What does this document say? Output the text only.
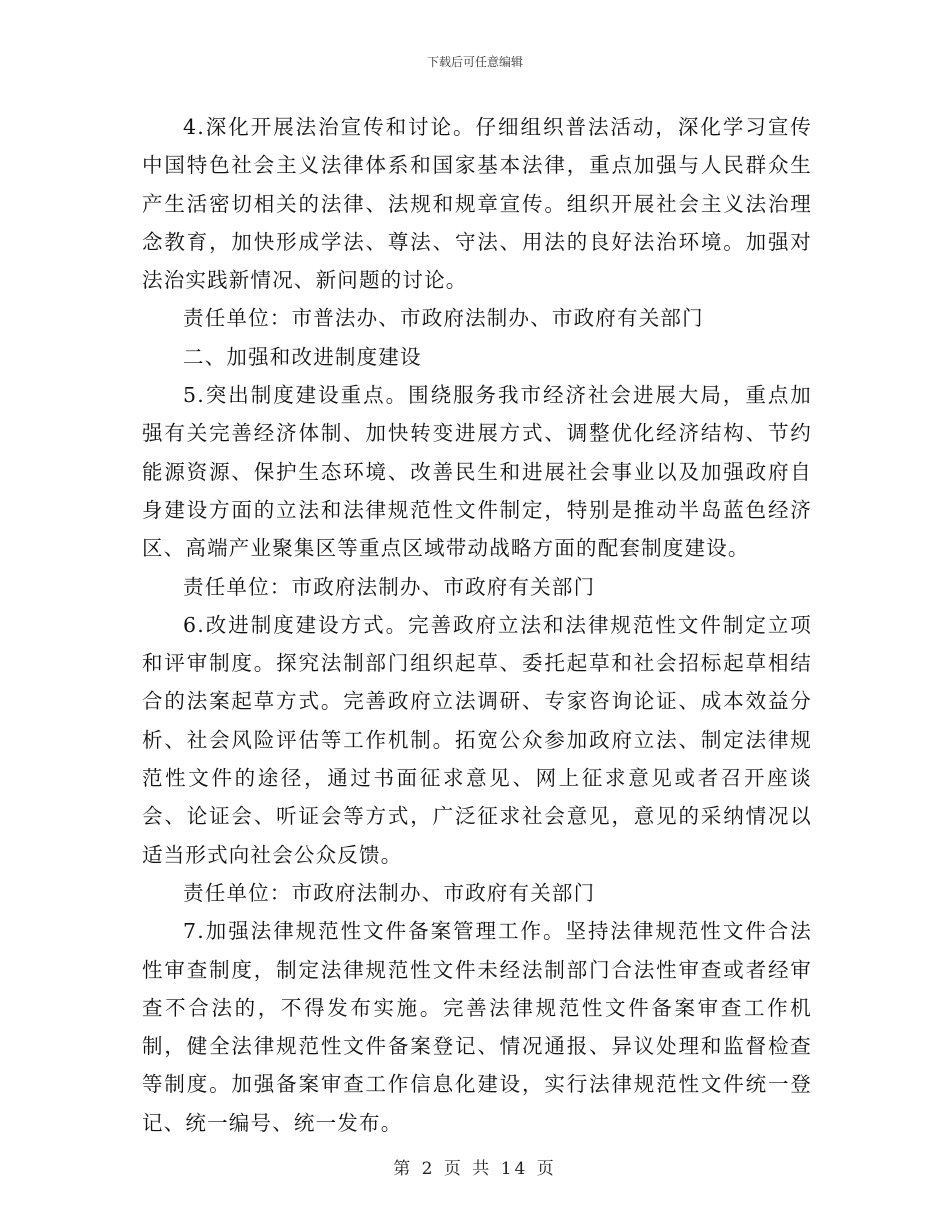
下载后可任意编辑

4.深化开展法治宣传和讨论。仔细组织普法活动，深化学习宣传中国特色社会主义法律体系和国家基本法律，重点加强与人民群众生产生活密切相关的法律、法规和规章宣传。组织开展社会主义法治理念教育，加快形成学法、尊法、守法、用法的良好法治环境。加强对法治实践新情况、新问题的讨论。

责任单位：市普法办、市政府法制办、市政府有关部门

二、加强和改进制度建设

5.突出制度建设重点。围绕服务我市经济社会进展大局，重点加强有关完善经济体制、加快转变进展方式、调整优化经济结构、节约能源资源、保护生态环境、改善民生和进展社会事业以及加强政府自身建设方面的立法和法律规范性文件制定，特别是推动半岛蓝色经济区、高端产业聚集区等重点区域带动战略方面的配套制度建设。

责任单位：市政府法制办、市政府有关部门

6.改进制度建设方式。完善政府立法和法律规范性文件制定立项和评审制度。探究法制部门组织起草、委托起草和社会招标起草相结合的法案起草方式。完善政府立法调研、专家咨询论证、成本效益分析、社会风险评估等工作机制。拓宽公众参加政府立法、制定法律规范性文件的途径，通过书面征求意见、网上征求意见或者召开座谈会、论证会、听证会等方式，广泛征求社会意见，意见的采纳情况以适当形式向社会公众反馈。

责任单位：市政府法制办、市政府有关部门

7.加强法律规范性文件备案管理工作。坚持法律规范性文件合法性审查制度，制定法律规范性文件未经法制部门合法性审查或者经审查不合法的，不得发布实施。完善法律规范性文件备案审查工作机制，健全法律规范性文件备案登记、情况通报、异议处理和监督检查等制度。加强备案审查工作信息化建设，实行法律规范性文件统一登记、统一编号、统一发布。

第 2 页 共 14 页
